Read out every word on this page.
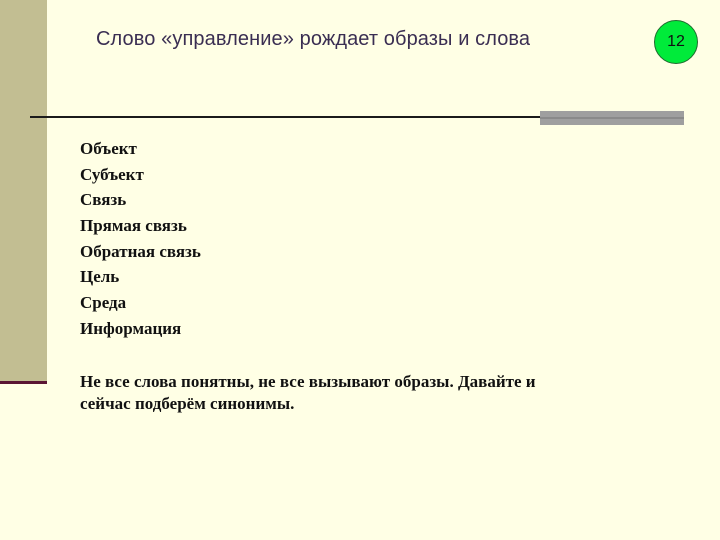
Слово «управление» рождает образы и слова	12
Объект
Субъект
Связь
Прямая связь
Обратная связь
Цель
Среда
Информация

Не все слова понятны, не все вызывают образы. Давайте и
сейчас подберём синонимы.
